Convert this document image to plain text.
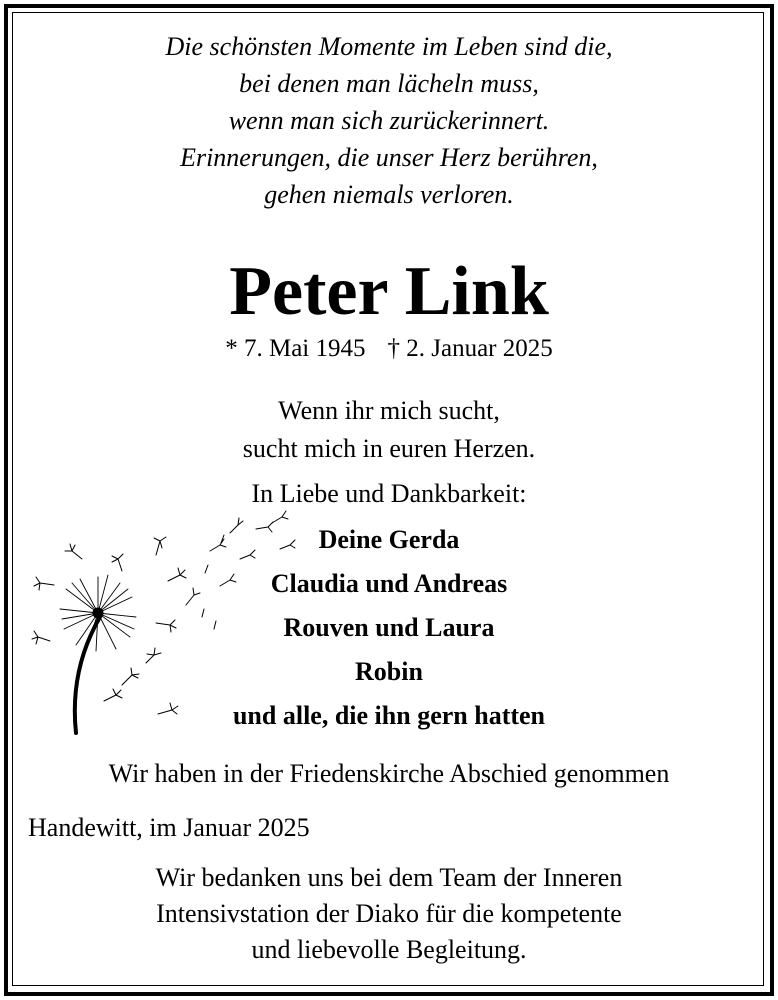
Die schönsten Momente im Leben sind die,
bei denen man lächeln muss,
wenn man sich zurückerinnert.
Erinnerungen, die unser Herz berühren,
gehen niemals verloren.
Peter Link
* 7. Mai 1945 † 2. Januar 2025
Wenn ihr mich sucht,
sucht mich in euren Herzen.
In Liebe und Dankbarkeit:
Deine Gerda
Claudia und Andreas
Rouven und Laura
Robin
und alle, die ihn gern hatten
Wir haben in der Friedenskirche Abschied genommen
Handewitt, im Januar 2025
Wir bedanken uns bei dem Team der Inneren
Intensivstation der Diako für die kompetente
und liebevolle Begleitung.
